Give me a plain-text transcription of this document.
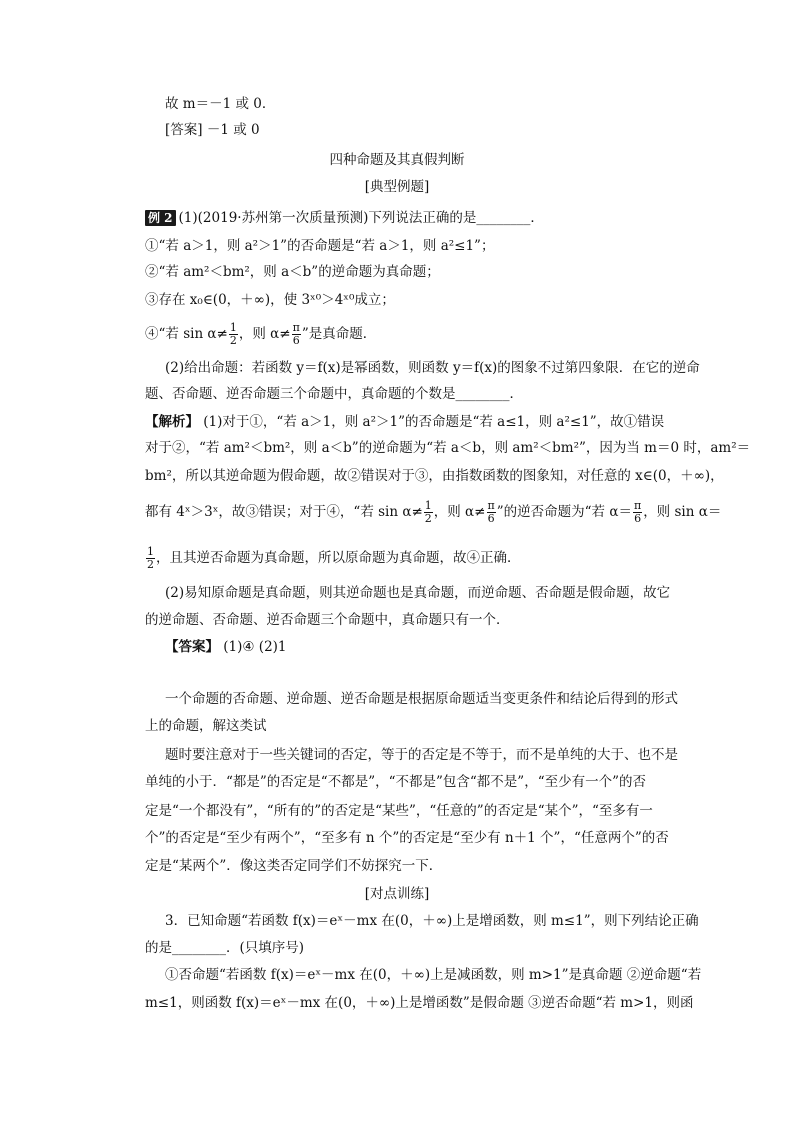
故 m＝－1 或 0．
[答案] －1 或 0
四种命题及其真假判断
[典型例题]
例 2 (1)(2019·苏州第一次质量预测)下列说法正确的是________．
①“若 a＞1，则 a²＞1”的否命题是“若 a＞1，则 a²≤1”；
②“若 am²＜bm²，则 a＜b”的逆命题为真命题；
③存在 x₀∈(0，＋∞)，使 3ˣ⁰＞4ˣ⁰成立；
④“若 $\sin \alpha\ne \frac{1}{2}$ ，则 $\alpha\ne \frac{\pi}{6}$ ”是真命题．
(2)给出命题：若函数 y＝f(x)是幂函数，则函数 y＝f(x)的图象不过第四象限．在它的逆命
题、否命题、逆否命题三个命题中，真命题的个数是________．
【解析】 (1)对于①，“若 a＞1，则 a²＞1”的否命题是“若 a≤1，则 a²≤1”，故①错误
对于②，“若 am²＜bm²，则 a＜b”的逆命题为“若 a＜b，则 am²＜bm²”，因为当 m＝0 时，am²＝
bm²，所以其逆命题为假命题，故②错误对于③，由指数函数的图象知，对任意的 x∈(0，＋∞)，
都有 4ˣ＞3ˣ，故③错误；对于④，“若 $\sin \alpha\ne \frac{1}{2}$ ，则 $\alpha\ne \frac{\pi}{6}$ ”的逆否命题为“若 $\alpha= \frac{\pi}{6}$ ，则 sin α＝
$\frac{1}{2}$ ，且其逆否命题为真命题，所以原命题为真命题，故④正确．
(2)易知原命题是真命题，则其逆命题也是真命题，而逆命题、否命题是假命题，故它
的逆命题、否命题、逆否命题三个命题中，真命题只有一个．
【答案】 (1)④ (2)1
一个命题的否命题、逆命题、逆否命题是根据原命题适当变更条件和结论后得到的形式
上的命题，解这类试
题时要注意对于一些关键词的否定，等于的否定是不等于，而不是单纯的大于、也不是
单纯的小于．“都是”的否定是“不都是”，“不都是”包含“都不是”，“至少有一个”的否
定是“一个都没有”，“所有的”的否定是“某些”，“任意的”的否定是“某个”，“至多有一
个”的否定是“至少有两个”，“至多有 n 个”的否定是“至少有 n＋1 个”，“任意两个”的否
定是“某两个”．像这类否定同学们不妨探究一下．
[对点训练]
3．已知命题“若函数 f(x)＝eˣ－mx 在(0，＋∞)上是增函数，则 m≤1”，则下列结论正确
的是________．(只填序号)
①否命题“若函数 f(x)＝eˣ－mx 在(0，＋∞)上是减函数，则 m>1”是真命题 ②逆命题“若
m≤1，则函数 f(x)＝eˣ－mx 在(0，＋∞)上是增函数”是假命题 ③逆否命题“若 m>1，则函
